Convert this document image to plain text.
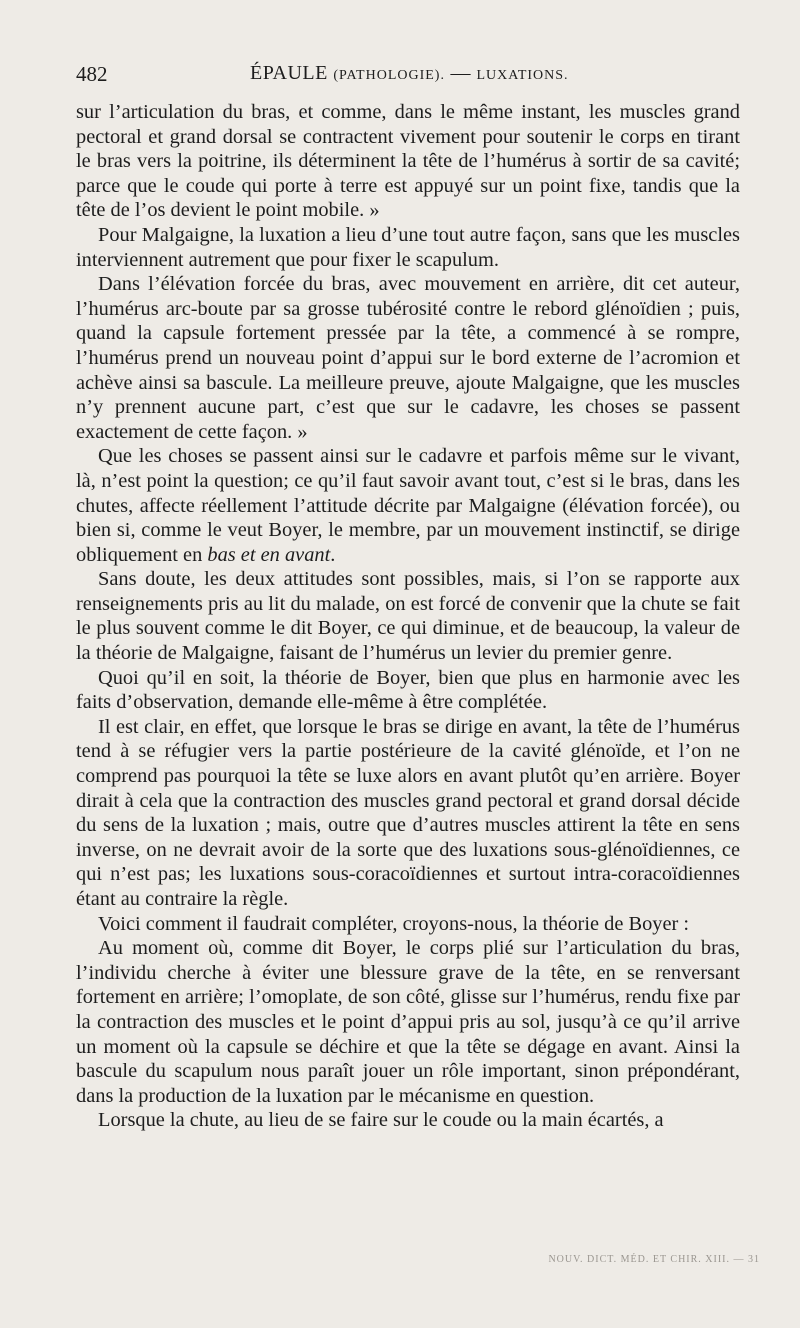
482	ÉPAULE (PATHOLOGIE). — LUXATIONS.

sur l’articulation du bras, et comme, dans le même instant, les muscles grand pectoral et grand dorsal se contractent vivement pour soutenir le corps en tirant le bras vers la poitrine, ils déterminent la tête de l’humérus à sortir de sa cavité; parce que le coude qui porte à terre est appuyé sur un point fixe, tandis que la tête de l’os devient le point mobile. »

Pour Malgaigne, la luxation a lieu d’une tout autre façon, sans que les muscles interviennent autrement que pour fixer le scapulum.

Dans l’élévation forcée du bras, avec mouvement en arrière, dit cet auteur, l’humérus arc-boute par sa grosse tubérosité contre le rebord glénoïdien ; puis, quand la capsule fortement pressée par la tête, a commencé à se rompre, l’humérus prend un nouveau point d’appui sur le bord externe de l’acromion et achève ainsi sa bascule. La meilleure preuve, ajoute Malgaigne, que les muscles n’y prennent aucune part, c’est que sur le cadavre, les choses se passent exactement de cette façon. »

Que les choses se passent ainsi sur le cadavre et parfois même sur le vivant, là, n’est point la question; ce qu’il faut savoir avant tout, c’est si le bras, dans les chutes, affecte réellement l’attitude décrite par Malgaigne (élévation forcée), ou bien si, comme le veut Boyer, le membre, par un mouvement instinctif, se dirige obliquement en bas et en avant.

Sans doute, les deux attitudes sont possibles, mais, si l’on se rapporte aux renseignements pris au lit du malade, on est forcé de convenir que la chute se fait le plus souvent comme le dit Boyer, ce qui diminue, et de beaucoup, la valeur de la théorie de Malgaigne, faisant de l’humérus un levier du premier genre.

Quoi qu’il en soit, la théorie de Boyer, bien que plus en harmonie avec les faits d’observation, demande elle-même à être complétée.

Il est clair, en effet, que lorsque le bras se dirige en avant, la tête de l’humérus tend à se réfugier vers la partie postérieure de la cavité glénoïde, et l’on ne comprend pas pourquoi la tête se luxe alors en avant plutôt qu’en arrière. Boyer dirait à cela que la contraction des muscles grand pectoral et grand dorsal décide du sens de la luxation ; mais, outre que d’autres muscles attirent la tête en sens inverse, on ne devrait avoir de la sorte que des luxations sous-glénoïdiennes, ce qui n’est pas; les luxations sous-coracoïdiennes et surtout intra-coracoïdiennes étant au contraire la règle.

Voici comment il faudrait compléter, croyons-nous, la théorie de Boyer :

Au moment où, comme dit Boyer, le corps plié sur l’articulation du bras, l’individu cherche à éviter une blessure grave de la tête, en se renversant fortement en arrière; l’omoplate, de son côté, glisse sur l’humérus, rendu fixe par la contraction des muscles et le point d’appui pris au sol, jusqu’à ce qu’il arrive un moment où la capsule se déchire et que la tête se dégage en avant. Ainsi la bascule du scapulum nous paraît jouer un rôle important, sinon prépondérant, dans la production de la luxation par le mécanisme en question.

Lorsque la chute, au lieu de se faire sur le coude ou la main écartés, a

NOUV. DICT. MÉD. ET CHIR. XIII. — 31
